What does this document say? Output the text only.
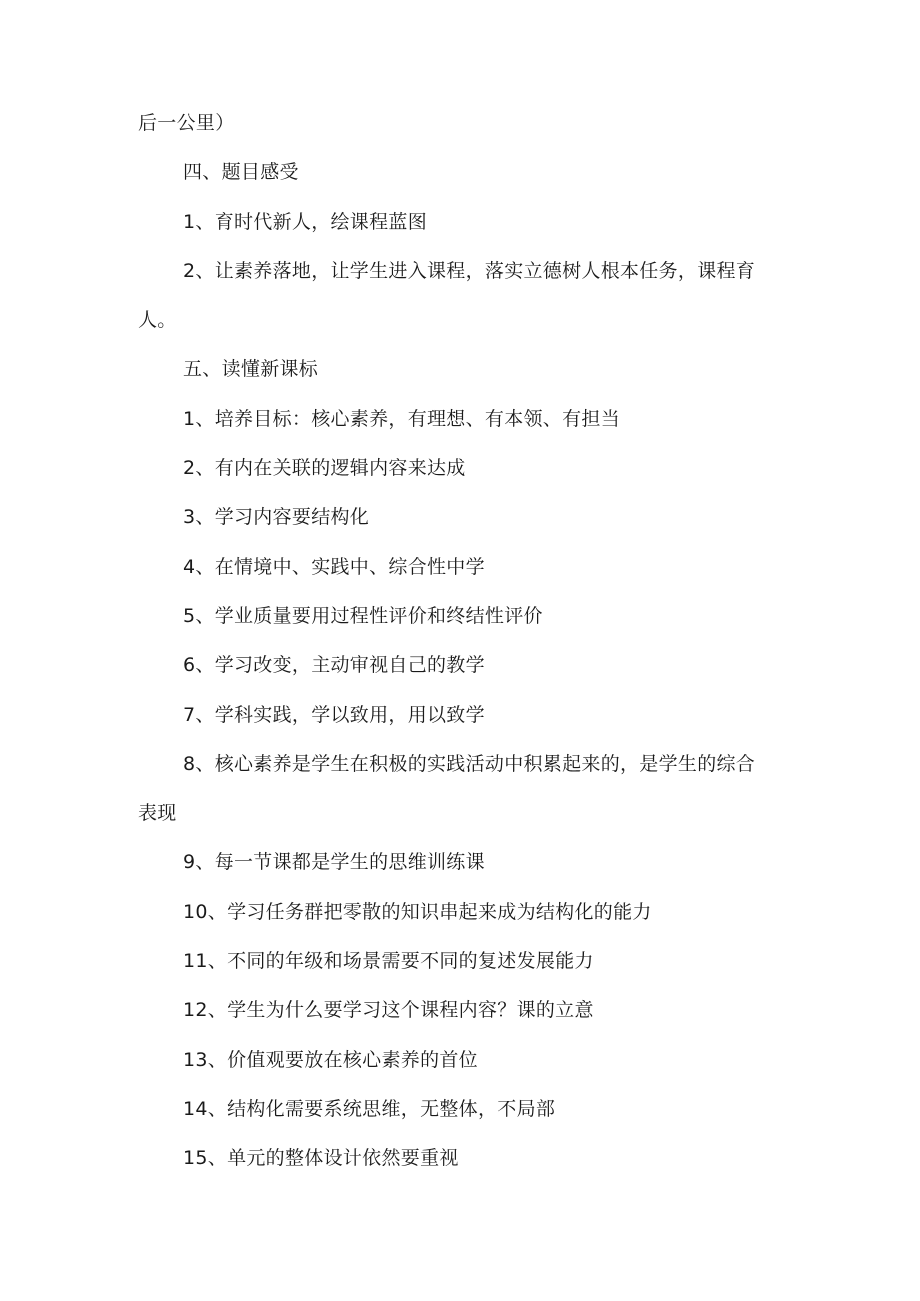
后一公里）
四、题目感受
1、育时代新人，绘课程蓝图
2、让素养落地，让学生进入课程，落实立德树人根本任务，课程育
人。
五、读懂新课标
1、培养目标：核心素养，有理想、有本领、有担当
2、有内在关联的逻辑内容来达成
3、学习内容要结构化
4、在情境中、实践中、综合性中学
5、学业质量要用过程性评价和终结性评价
6、学习改变，主动审视自己的教学
7、学科实践，学以致用，用以致学
8、核心素养是学生在积极的实践活动中积累起来的，是学生的综合
表现
9、每一节课都是学生的思维训练课
10、学习任务群把零散的知识串起来成为结构化的能力
11、不同的年级和场景需要不同的复述发展能力
12、学生为什么要学习这个课程内容？课的立意
13、价值观要放在核心素养的首位
14、结构化需要系统思维，无整体，不局部
15、单元的整体设计依然要重视
